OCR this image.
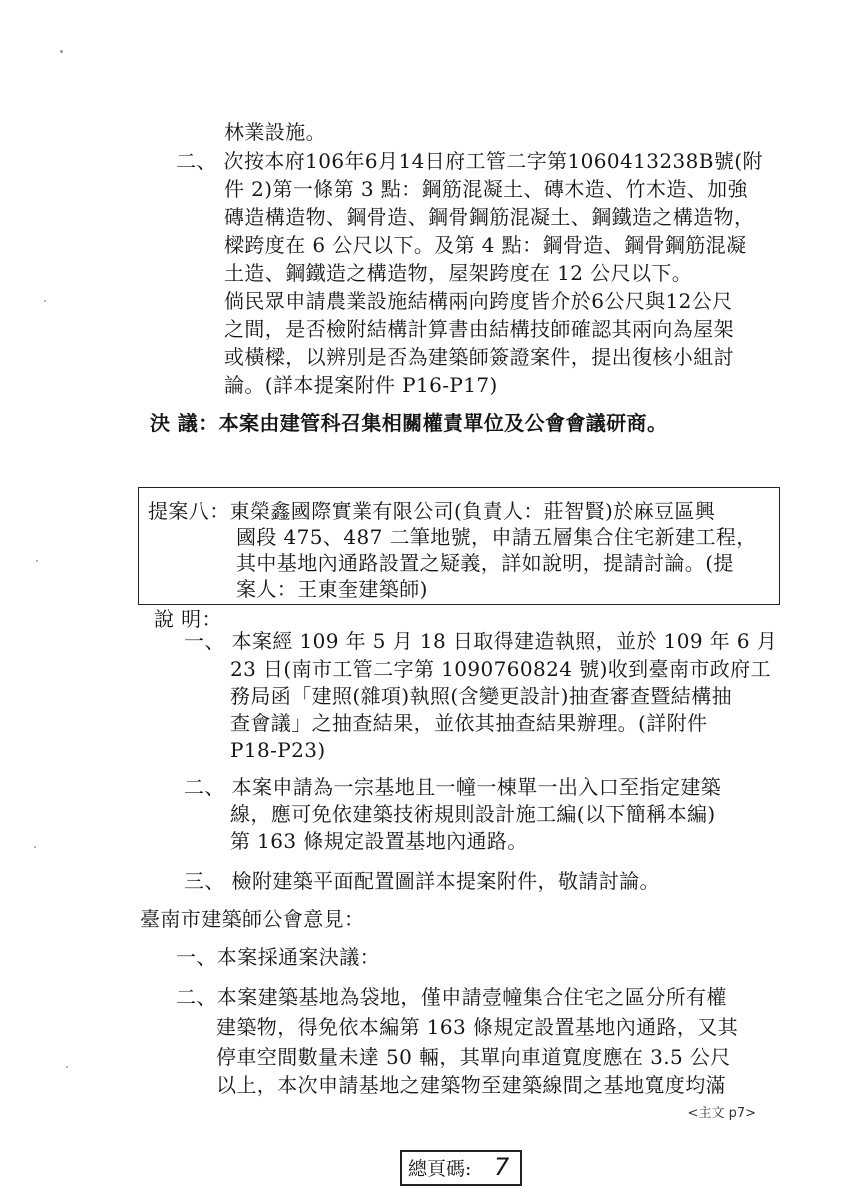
林業設施。
二、 次按本府106年6月14日府工管二字第1060413238B號(附
件 2)第一條第 3 點：鋼筋混凝土、磚木造、竹木造、加強
磚造構造物、鋼骨造、鋼骨鋼筋混凝土、鋼鐵造之構造物，
樑跨度在 6 公尺以下。及第 4 點：鋼骨造、鋼骨鋼筋混凝
土造、鋼鐵造之構造物，屋架跨度在 12 公尺以下。
倘民眾申請農業設施結構兩向跨度皆介於6公尺與12公尺
之間，是否檢附結構計算書由結構技師確認其兩向為屋架
或橫樑，以辨別是否為建築師簽證案件，提出復核小組討
論。(詳本提案附件 P16-P17)
決 議：本案由建管科召集相關權責單位及公會會議研商。
提案八：東榮鑫國際實業有限公司(負責人：莊智賢)於麻豆區興
國段 475、487 二筆地號，申請五層集合住宅新建工程，
其中基地內通路設置之疑義，詳如說明，提請討論。(提
案人：王東奎建築師)
說 明：
一、 本案經 109 年 5 月 18 日取得建造執照，並於 109 年 6 月
23 日(南市工管二字第 1090760824 號)收到臺南市政府工
務局函「建照(雜項)執照(含變更設計)抽查審查暨結構抽
查會議」之抽查結果，並依其抽查結果辦理。(詳附件
P18-P23)
二、 本案申請為一宗基地且一幢一棟單一出入口至指定建築
線，應可免依建築技術規則設計施工編(以下簡稱本編)
第 163 條規定設置基地內通路。
三、 檢附建築平面配置圖詳本提案附件，敬請討論。
臺南市建築師公會意見：
一、本案採通案決議：
二、本案建築基地為袋地，僅申請壹幢集合住宅之區分所有權
建築物，得免依本編第 163 條規定設置基地內通路，又其
停車空間數量未達 50 輛，其單向車道寬度應在 3.5 公尺
以上，本次申請基地之建築物至建築線間之基地寬度均滿
<主文 p7>
總頁碼: 7
